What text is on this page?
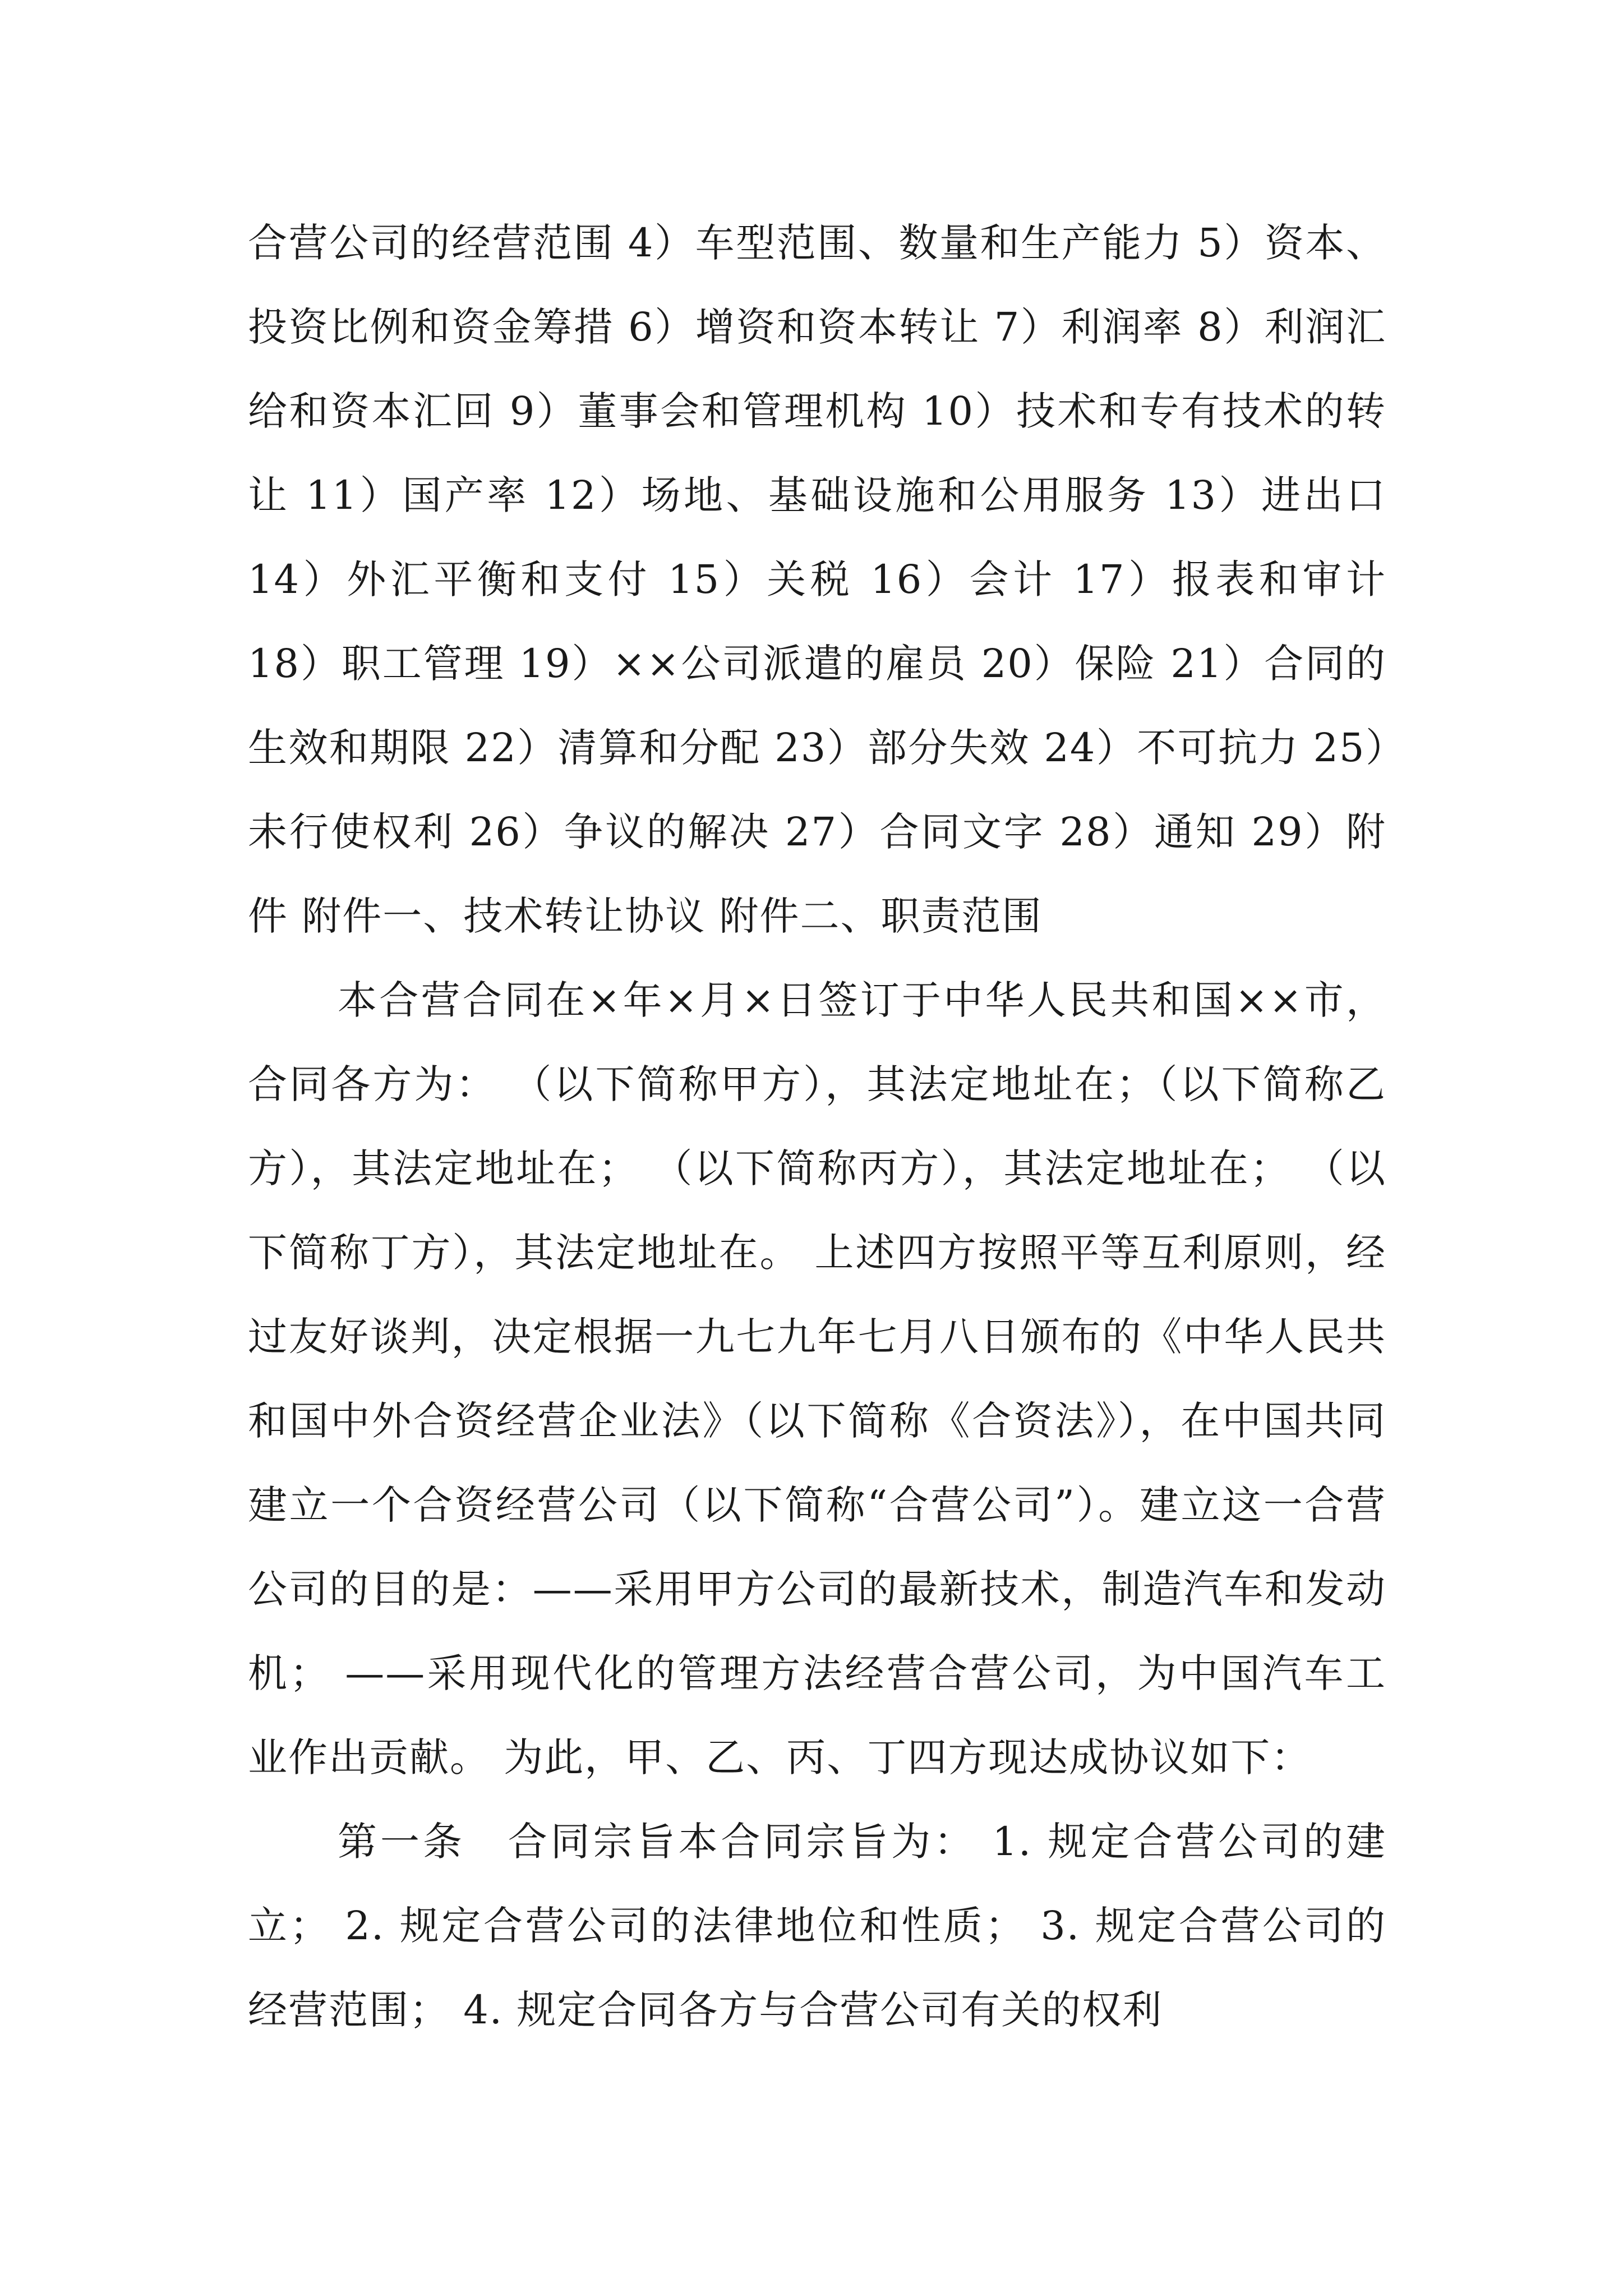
合营公司的经营范围 4）车型范围、数量和生产能力 5）资本、投资比例和资金筹措 6）增资和资本转让 7）利润率 8）利润汇给和资本汇回 9）董事会和管理机构 10）技术和专有技术的转让 11）国产率 12）场地、基础设施和公用服务 13）进出口 14）外汇平衡和支付 15）关税 16）会计 17）报表和审计 18）职工管理 19）××公司派遣的雇员 20）保险 21）合同的生效和期限 22）清算和分配 23）部分失效 24）不可抗力 25）未行使权利 26）争议的解决 27）合同文字 28）通知 29）附件 附件一、技术转让协议 附件二、职责范围

本合营合同在×年×月×日签订于中华人民共和国××市，合同各方为： （以下简称甲方），其法定地址在；（以下简称乙方），其法定地址在； （以下简称丙方），其法定地址在； （以下简称丁方），其法定地址在。 上述四方按照平等互利原则，经过友好谈判，决定根据一九七九年七月八日颁布的《中华人民共和国中外合资经营企业法》（以下简称《合资法》），在中国共同建立一个合资经营公司（以下简称“合营公司”）。建立这一合营公司的目的是：——采用甲方公司的最新技术，制造汽车和发动机； ——采用现代化的管理方法经营合营公司，为中国汽车工业作出贡献。 为此，甲、乙、丙、丁四方现达成协议如下：

第一条　合同宗旨本合同宗旨为： 1. 规定合营公司的建立； 2. 规定合营公司的法律地位和性质； 3. 规定合营公司的经营范围； 4. 规定合同各方与合营公司有关的权利
